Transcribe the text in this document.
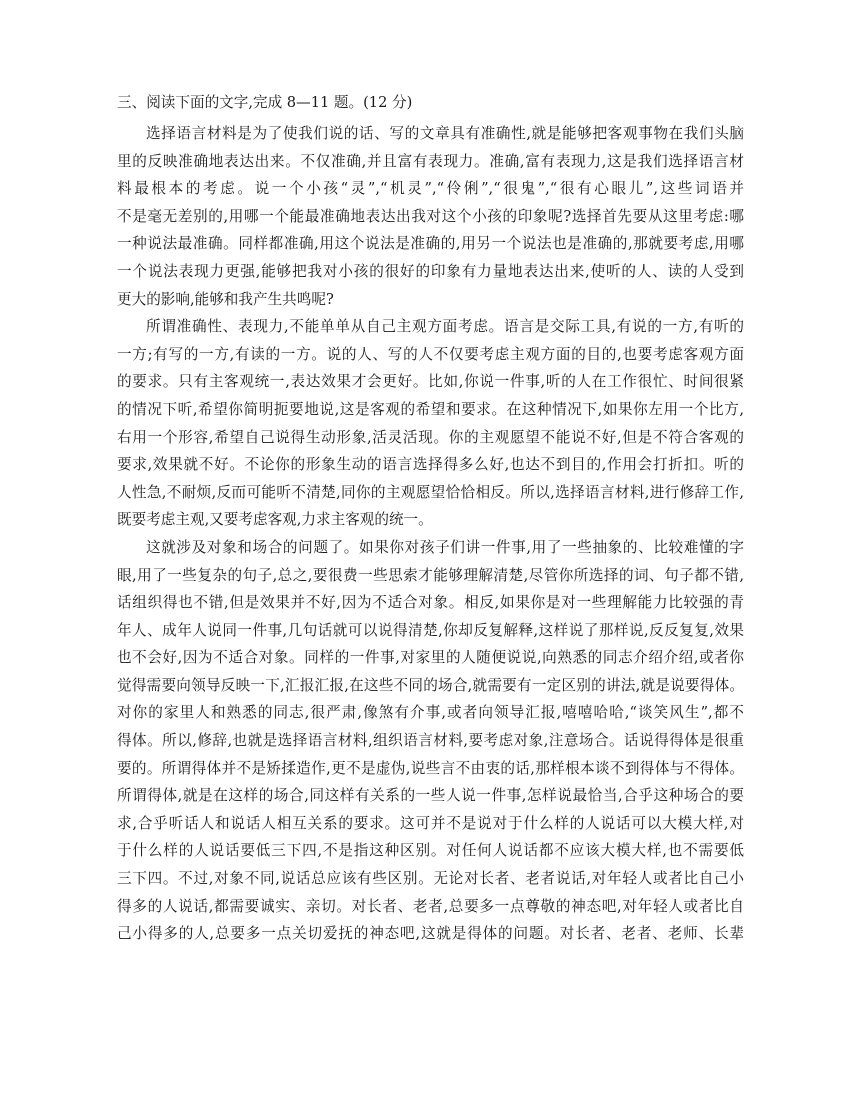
三、阅读下面的文字,完成 8—11 题。(12 分)
选择语言材料是为了使我们说的话、写的文章具有准确性,就是能够把客观事物在我们头脑
里的反映准确地表达出来。不仅准确,并且富有表现力。准确,富有表现力,这是我们选择语言材
料最根本的考虑。说一个小孩“灵”,“机灵”,“伶俐”,“很鬼”,“很有心眼儿”,这些词语并
不是毫无差别的,用哪一个能最准确地表达出我对这个小孩的印象呢?选择首先要从这里考虑:哪
一种说法最准确。同样都准确,用这个说法是准确的,用另一个说法也是准确的,那就要考虑,用哪
一个说法表现力更强,能够把我对小孩的很好的印象有力量地表达出来,使听的人、读的人受到
更大的影响,能够和我产生共鸣呢?
所谓准确性、表现力,不能单单从自己主观方面考虑。语言是交际工具,有说的一方,有听的
一方;有写的一方,有读的一方。说的人、写的人不仅要考虑主观方面的目的,也要考虑客观方面
的要求。只有主客观统一,表达效果才会更好。比如,你说一件事,听的人在工作很忙、时间很紧
的情况下听,希望你简明扼要地说,这是客观的希望和要求。在这种情况下,如果你左用一个比方,
右用一个形容,希望自己说得生动形象,活灵活现。你的主观愿望不能说不好,但是不符合客观的
要求,效果就不好。不论你的形象生动的语言选择得多么好,也达不到目的,作用会打折扣。听的
人性急,不耐烦,反而可能听不清楚,同你的主观愿望恰恰相反。所以,选择语言材料,进行修辞工作,
既要考虑主观,又要考虑客观,力求主客观的统一。
这就涉及对象和场合的问题了。如果你对孩子们讲一件事,用了一些抽象的、比较难懂的字
眼,用了一些复杂的句子,总之,要很费一些思索才能够理解清楚,尽管你所选择的词、句子都不错,
话组织得也不错,但是效果并不好,因为不适合对象。相反,如果你是对一些理解能力比较强的青
年人、成年人说同一件事,几句话就可以说得清楚,你却反复解释,这样说了那样说,反反复复,效果
也不会好,因为不适合对象。同样的一件事,对家里的人随便说说,向熟悉的同志介绍介绍,或者你
觉得需要向领导反映一下,汇报汇报,在这些不同的场合,就需要有一定区别的讲法,就是说要得体。
对你的家里人和熟悉的同志,很严肃,像煞有介事,或者向领导汇报,嘻嘻哈哈,“谈笑风生”,都不
得体。所以,修辞,也就是选择语言材料,组织语言材料,要考虑对象,注意场合。话说得得体是很重
要的。所谓得体并不是矫揉造作,更不是虚伪,说些言不由衷的话,那样根本谈不到得体与不得体。
所谓得体,就是在这样的场合,同这样有关系的一些人说一件事,怎样说最恰当,合乎这种场合的要
求,合乎听话人和说话人相互关系的要求。这可并不是说对于什么样的人说话可以大模大样,对
于什么样的人说话要低三下四,不是指这种区别。对任何人说话都不应该大模大样,也不需要低
三下四。不过,对象不同,说话总应该有些区别。无论对长者、老者说话,对年轻人或者比自己小
得多的人说话,都需要诚实、亲切。对长者、老者,总要多一点尊敬的神态吧,对年轻人或者比自
己小得多的人,总要多一点关切爱抚的神态吧,这就是得体的问题。对长者、老者、老师、长辈
